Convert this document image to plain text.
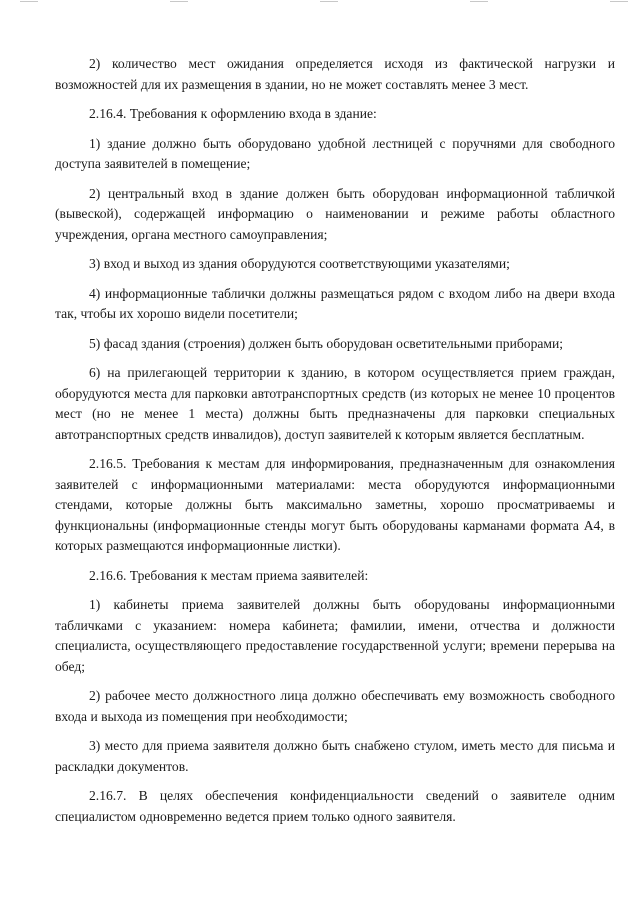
2) количество мест ожидания определяется исходя из фактической нагрузки и возможностей для их размещения в здании, но не может составлять менее 3 мест.

2.16.4. Требования к оформлению входа в здание:

1) здание должно быть оборудовано удобной лестницей с поручнями для свободного доступа заявителей в помещение;

2) центральный вход в здание должен быть оборудован информационной табличкой (вывеской), содержащей информацию о наименовании и режиме работы областного учреждения, органа местного самоуправления;

3) вход и выход из здания оборудуются соответствующими указателями;

4) информационные таблички должны размещаться рядом с входом либо на двери входа так, чтобы их хорошо видели посетители;

5) фасад здания (строения) должен быть оборудован осветительными приборами;

6) на прилегающей территории к зданию, в котором осуществляется прием граждан, оборудуются места для парковки автотранспортных средств (из которых не менее 10 процентов мест (но не менее 1 места) должны быть предназначены для парковки специальных автотранспортных средств инвалидов), доступ заявителей к которым является бесплатным.

2.16.5. Требования к местам для информирования, предназначенным для ознакомления заявителей с информационными материалами: места оборудуются информационными стендами, которые должны быть максимально заметны, хорошо просматриваемы и функциональны (информационные стенды могут быть оборудованы карманами формата А4, в которых размещаются информационные листки).

2.16.6. Требования к местам приема заявителей:

1) кабинеты приема заявителей должны быть оборудованы информационными табличками с указанием: номера кабинета; фамилии, имени, отчества и должности специалиста, осуществляющего предоставление государственной услуги; времени перерыва на обед;

2) рабочее место должностного лица должно обеспечивать ему возможность свободного входа и выхода из помещения при необходимости;

3) место для приема заявителя должно быть снабжено стулом, иметь место для письма и раскладки документов.

2.16.7. В целях обеспечения конфиденциальности сведений о заявителе одним специалистом одновременно ведется прием только одного заявителя.
